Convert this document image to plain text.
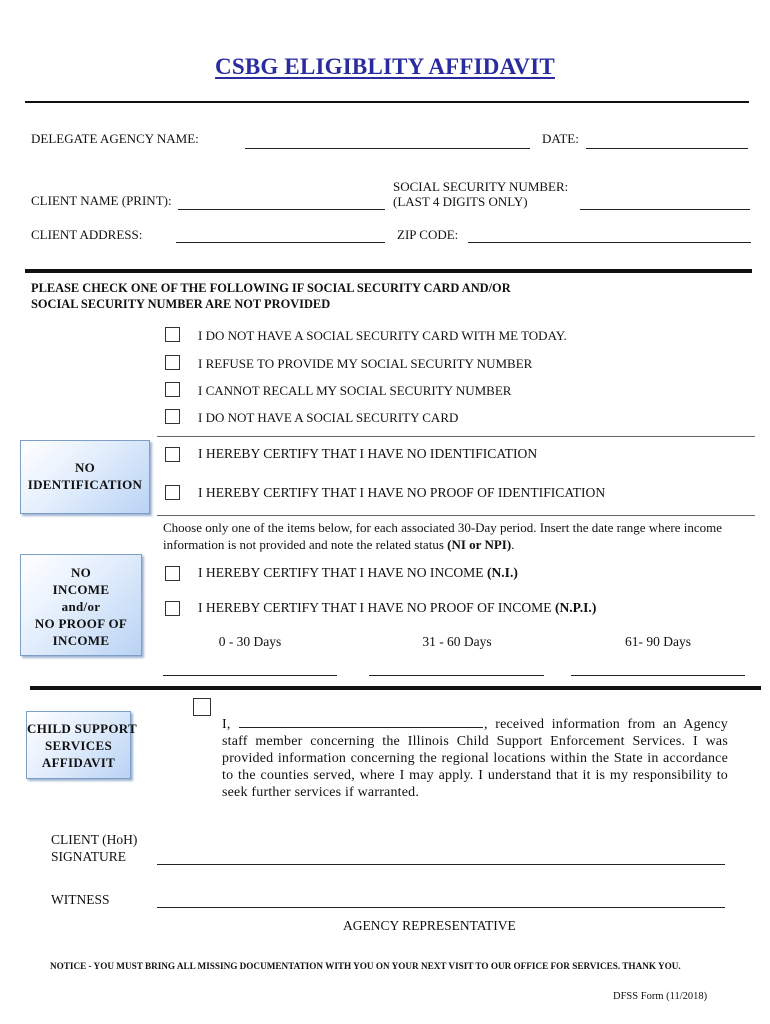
CSBG ELIGIBLITY AFFIDAVIT
DELEGATE AGENCY NAME:	DATE:
SOCIAL SECURITY NUMBER:
(LAST 4 DIGITS ONLY)
CLIENT NAME (PRINT):
CLIENT ADDRESS:	ZIP CODE:
PLEASE CHECK ONE OF THE FOLLOWING IF SOCIAL SECURITY CARD AND/OR
SOCIAL SECURITY NUMBER ARE NOT PROVIDED
I DO NOT HAVE A SOCIAL SECURITY CARD WITH ME TODAY.
I REFUSE TO PROVIDE MY SOCIAL SECURITY NUMBER
I CANNOT RECALL MY SOCIAL SECURITY NUMBER
I DO NOT HAVE A SOCIAL SECURITY CARD
NO
IDENTIFICATION
I HEREBY CERTIFY THAT I HAVE NO IDENTIFICATION
I HEREBY CERTIFY THAT I HAVE NO PROOF OF IDENTIFICATION
Choose only one of the items below, for each associated 30-Day period. Insert the date range where income information is not provided and note the related status (NI or NPI).
NO
INCOME
and/or
NO PROOF OF
INCOME
I HEREBY CERTIFY THAT I HAVE NO INCOME (N.I.)
I HEREBY CERTIFY THAT I HAVE NO PROOF OF INCOME (N.P.I.)
0 - 30 Days	31 - 60 Days	61- 90 Days
CHILD SUPPORT
SERVICES
AFFIDAVIT
I,	, received information from an Agency staff member concerning the Illinois Child Support Enforcement Services. I was provided information concerning the regional locations within the State in accordance to the counties served, where I may apply. I understand that it is my responsibility to seek further services if warranted.
CLIENT (HoH)
SIGNATURE
WITNESS
AGENCY REPRESENTATIVE
NOTICE - YOU MUST BRING ALL MISSING DOCUMENTATION WITH YOU ON YOUR NEXT VISIT TO OUR OFFICE FOR SERVICES. THANK YOU.
DFSS Form (11/2018)
